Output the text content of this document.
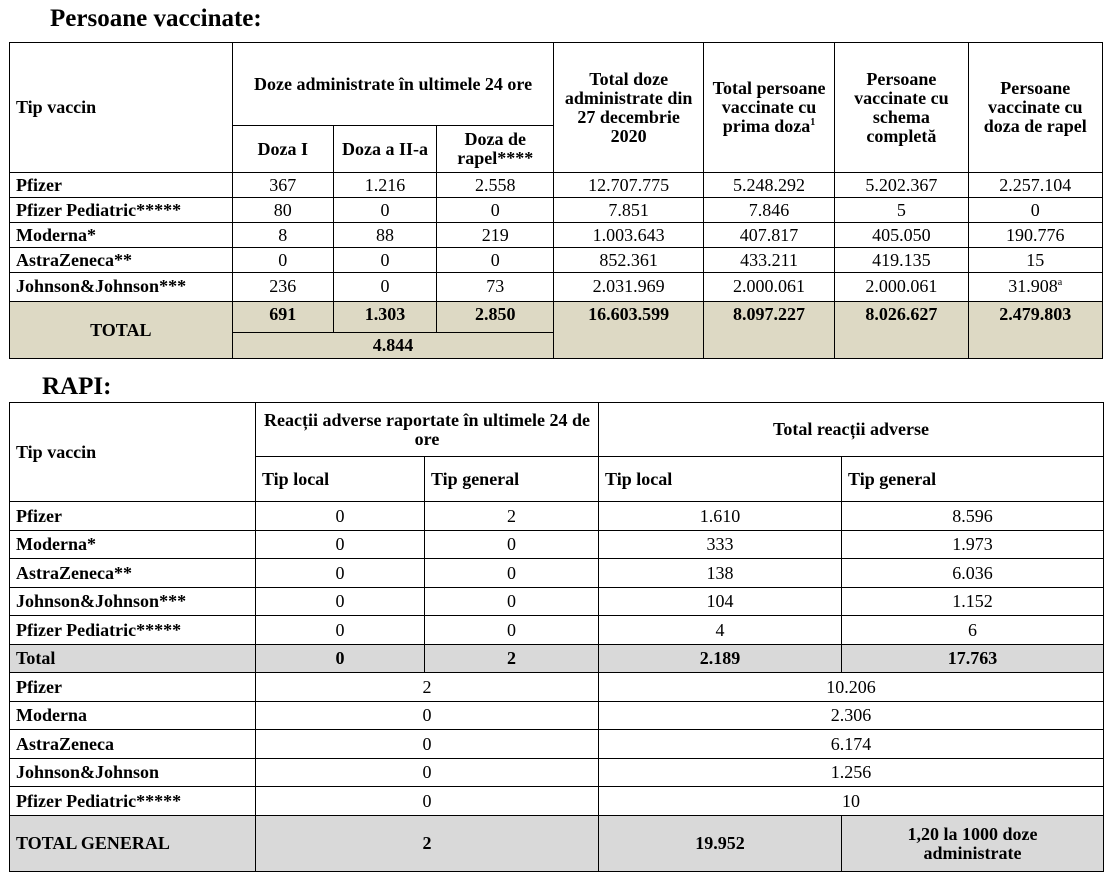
Persoane vaccinate:
Tip vaccin	Doze administrate în ultimele 24 ore			Total doze administrate din 27 decembrie 2020	Total persoane vaccinate cu prima doza$^1$	Persoane vaccinate cu schema completă	Persoane vaccinate cu doza de rapel
	Doza I	Doza a II-a	Doza de rapel****				
Pfizer	367	1.216	2.558	12.707.775	5.248.292	5.202.367	2.257.104
Pfizer Pediatric*****	80	0	0	7.851	7.846	5	0
Moderna*	8	88	219	1.003.643	407.817	405.050	190.776
AstraZeneca**	0	0	0	852.361	433.211	419.135	15
Johnson&Johnson***	236	0	73	2.031.969	2.000.061	2.000.061	31.908$^a$
TOTAL	691	1.303	2.850	16.603.599	8.097.227	8.026.627	2.479.803
	4.844						
RAPI:
Tip vaccin	Reacții adverse raportate în ultimele 24 de ore		Total reacții adverse	
	Tip local	Tip general	Tip local	Tip general
Pfizer	0	2	1.610	8.596
Moderna*	0	0	333	1.973
AstraZeneca**	0	0	138	6.036
Johnson&Johnson***	0	0	104	1.152
Pfizer Pediatric*****	0	0	4	6
Total	0	2	2.189	17.763
Pfizer	2		10.206	
Moderna	0		2.306	
AstraZeneca	0		6.174	
Johnson&Johnson	0		1.256	
Pfizer Pediatric*****	0		10	
TOTAL GENERAL	2		19.952	1,20 la 1000 doze administrate
